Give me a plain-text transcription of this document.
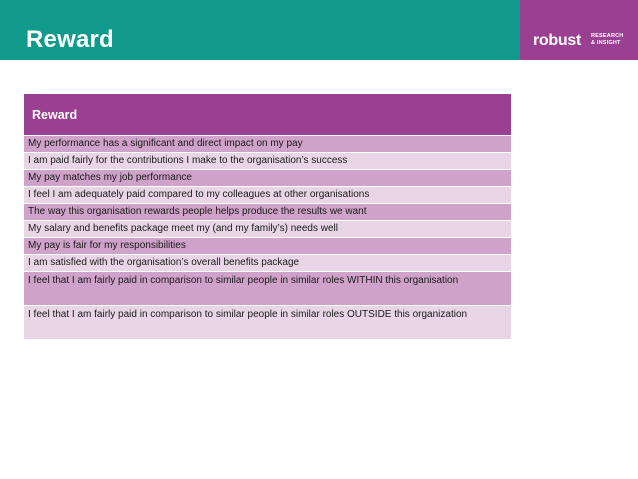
Reward	robust RESEARCH
& INSIGHT
Reward
My performance has a significant and direct impact on my pay
I am paid fairly for the contributions I make to the organisation’s success
My pay matches my job performance
I feel I am adequately paid compared to my colleagues at other organisations
The way this organisation rewards people helps produce the results we want
My salary and benefits package meet my (and my family’s) needs well
My pay is fair for my responsibilities
I am satisfied with the organisation’s overall benefits package
I feel that I am fairly paid in comparison to similar people in similar roles WITHIN this organisation
I feel that I am fairly paid in comparison to similar people in similar roles OUTSIDE this organization
